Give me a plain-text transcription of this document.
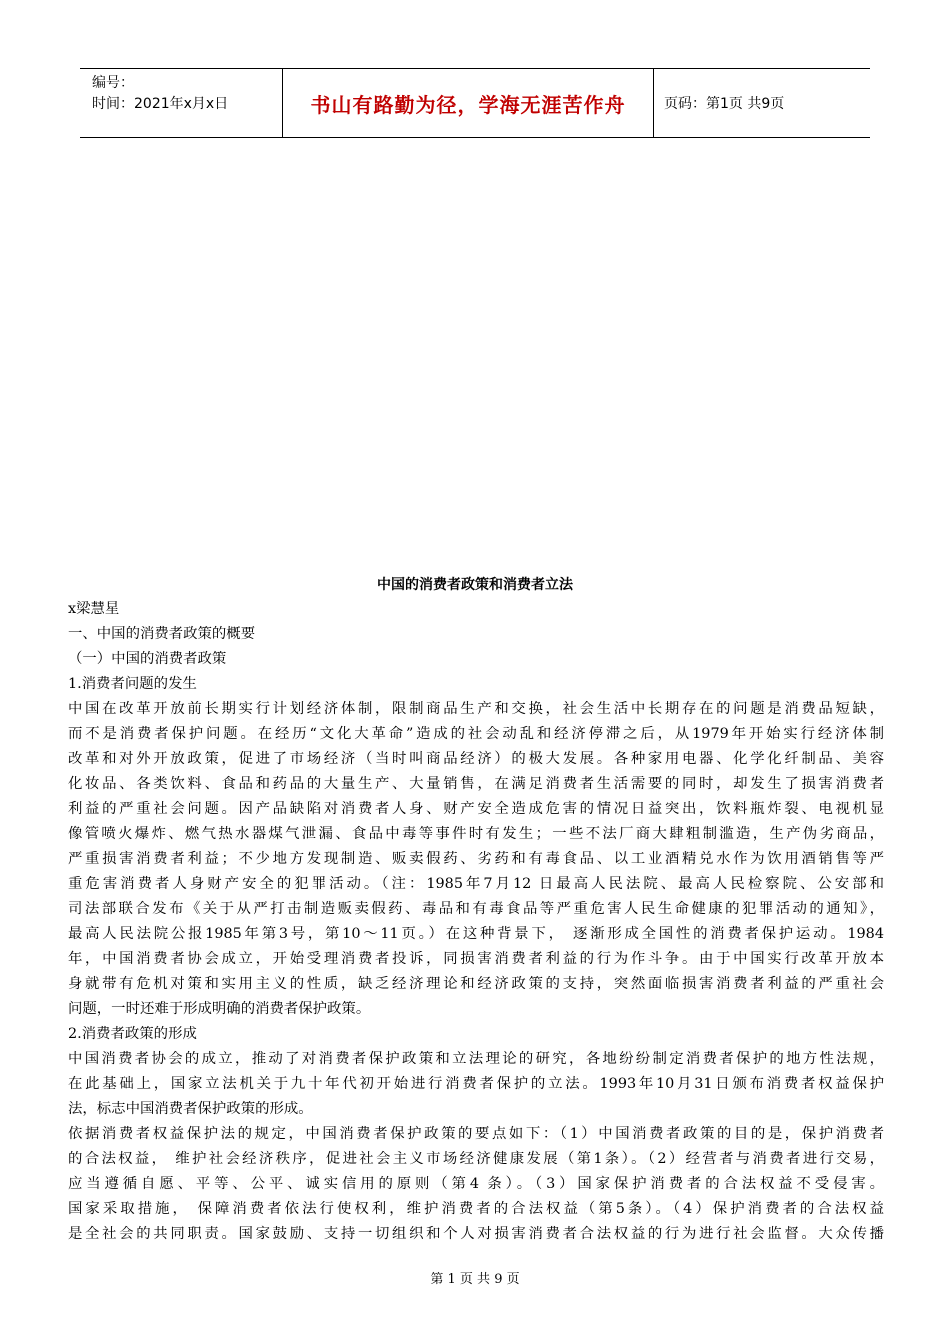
编号：
时间：2021年x月x日	书山有路勤为径，学海无涯苦作舟	页码：第1页 共9页
中国的消费者政策和消费者立法
x梁慧星
一、中国的消费者政策的概要
（一）中国的消费者政策
1.消费者问题的发生
中国在改革开放前长期实行计划经济体制，限制商品生产和交换，社会生活中长期存在的问题是消费品短缺，
而不是消费者保护问题。在经历“文化大革命”造成的社会动乱和经济停滞之后，从1979年开始实行经济体制
改革和对外开放政策，促进了市场经济（当时叫商品经济）的极大发展。各种家用电器、化学化纤制品、美容
化妆品、各类饮料、食品和药品的大量生产、大量销售，在满足消费者生活需要的同时，却发生了损害消费者
利益的严重社会问题。因产品缺陷对消费者人身、财产安全造成危害的情况日益突出，饮料瓶炸裂、电视机显
像管喷火爆炸、燃气热水器煤气泄漏、食品中毒等事件时有发生；一些不法厂商大肆粗制滥造，生产伪劣商品，
严重损害消费者利益；不少地方发现制造、贩卖假药、劣药和有毒食品、以工业酒精兑水作为饮用酒销售等严
重危害消费者人身财产安全的犯罪活动。（注：1985年7月12 日最高人民法院、最高人民检察院、公安部和
司法部联合发布《关于从严打击制造贩卖假药、毒品和有毒食品等严重危害人民生命健康的犯罪活动的通知》，
最高人民法院公报1985年第3号，第10～11页。）在这种背景下， 逐渐形成全国性的消费者保护运动。1984
年，中国消费者协会成立，开始受理消费者投诉，同损害消费者利益的行为作斗争。由于中国实行改革开放本
身就带有危机对策和实用主义的性质，缺乏经济理论和经济政策的支持，突然面临损害消费者利益的严重社会
问题，一时还难于形成明确的消费者保护政策。
2.消费者政策的形成
中国消费者协会的成立，推动了对消费者保护政策和立法理论的研究，各地纷纷制定消费者保护的地方性法规，
在此基础上，国家立法机关于九十年代初开始进行消费者保护的立法。1993年10月31日颁布消费者权益保护
法，标志中国消费者保护政策的形成。
依据消费者权益保护法的规定，中国消费者保护政策的要点如下：（1）中国消费者政策的目的是，保护消费者
的合法权益， 维护社会经济秩序，促进社会主义市场经济健康发展（第1条）。（2）经营者与消费者进行交易，
应当遵循自愿、平等、公平、诚实信用的原则（第4 条）。（3）国家保护消费者的合法权益不受侵害。
国家采取措施， 保障消费者依法行使权利，维护消费者的合法权益（第5条）。（4）保护消费者的合法权益
是全社会的共同职责。国家鼓励、支持一切组织和个人对损害消费者合法权益的行为进行社会监督。大众传播
第 1 页 共 9 页
